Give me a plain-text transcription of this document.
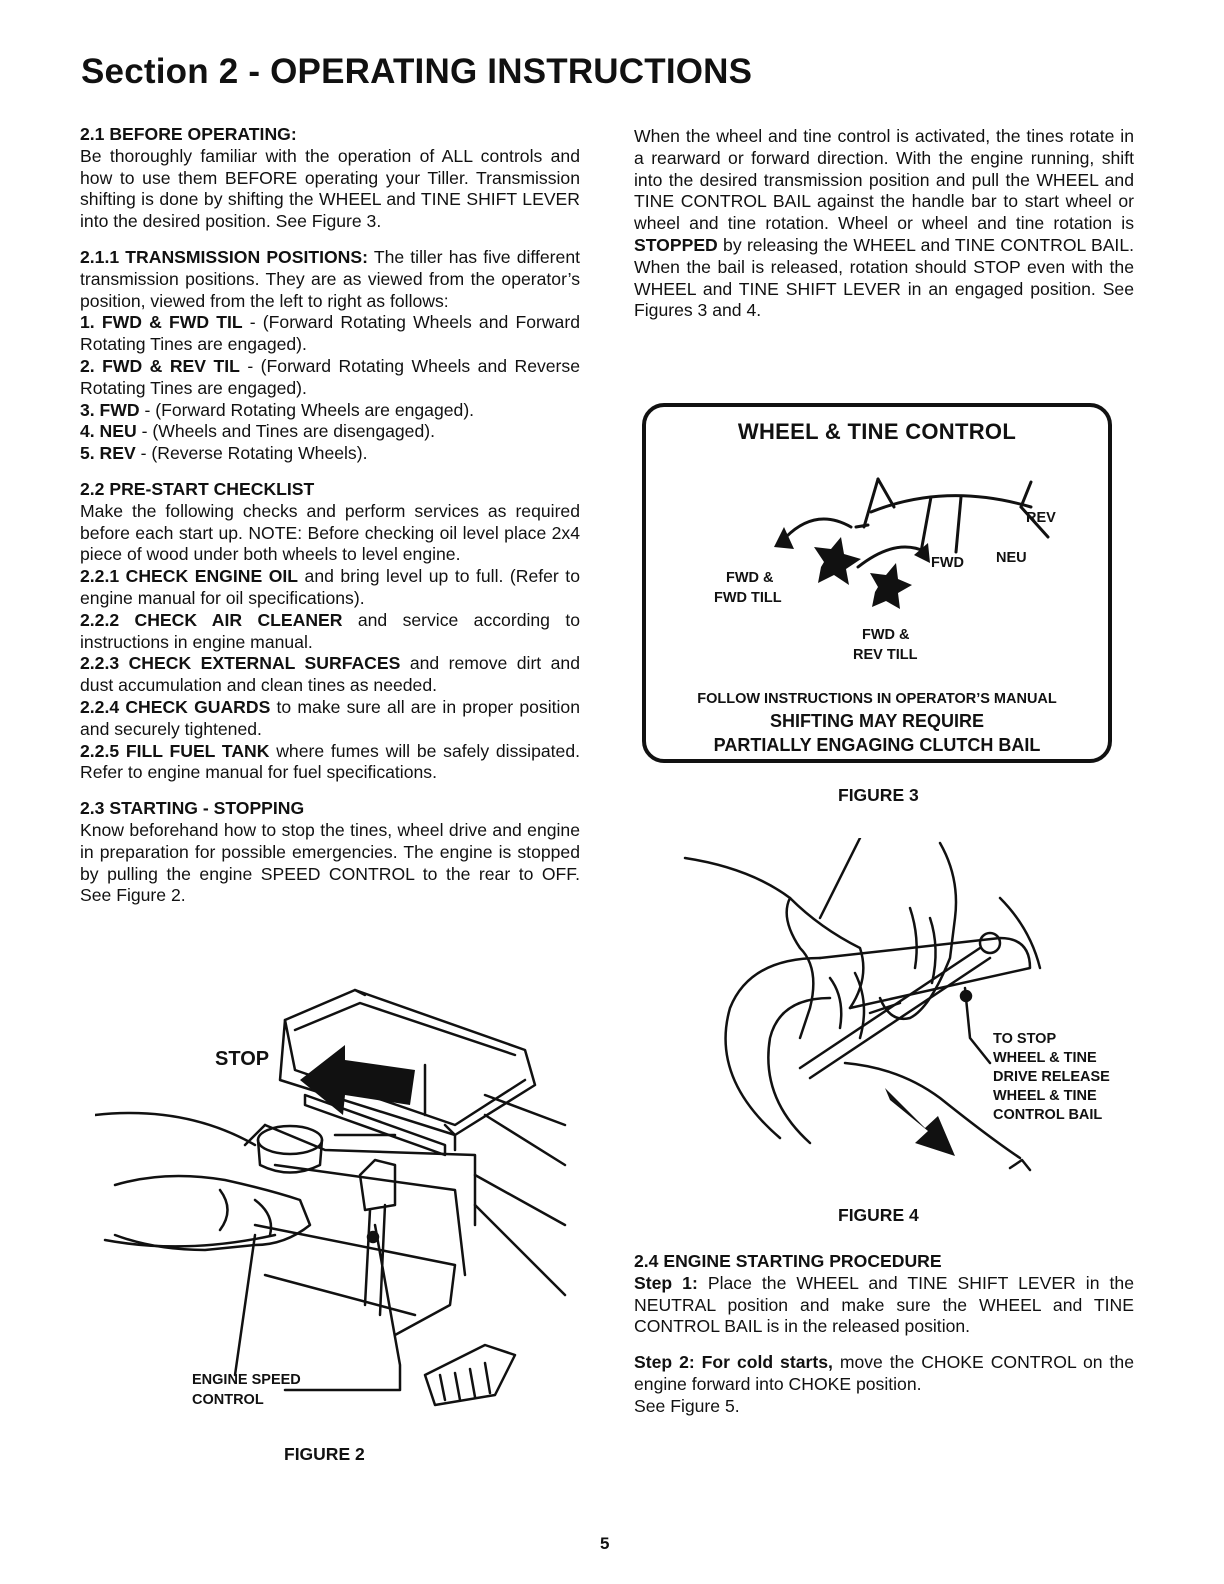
Section 2 - OPERATING INSTRUCTIONS

2.1 BEFORE OPERATING:

Be thoroughly familiar with the operation of ALL controls and how to use them BEFORE operating your Tiller. Transmission shifting is done by shifting the WHEEL and TINE SHIFT LEVER into the desired position. See Figure 3.

2.1.1 TRANSMISSION POSITIONS: The tiller has five different transmission positions. They are as viewed from the operator’s position, viewed from the left to right as follows:

1. FWD & FWD TIL - (Forward Rotating Wheels and Forward Rotating Tines are engaged).

2. FWD & REV TIL - (Forward Rotating Wheels and Reverse Rotating Tines are engaged).

3. FWD - (Forward Rotating Wheels are engaged).

4. NEU - (Wheels and Tines are disengaged).

5. REV - (Reverse Rotating Wheels).

2.2 PRE-START CHECKLIST

Make the following checks and perform services as required before each start up. NOTE: Before checking oil level place 2x4 piece of wood under both wheels to level engine.

2.2.1 CHECK ENGINE OIL and bring level up to full. (Refer to engine manual for oil specifications).

2.2.2 CHECK AIR CLEANER and service according to instructions in engine manual.

2.2.3 CHECK EXTERNAL SURFACES and remove dirt and dust accumulation and clean tines as needed.

2.2.4 CHECK GUARDS to make sure all are in proper position and securely tightened.

2.2.5 FILL FUEL TANK where fumes will be safely dissipated. Refer to engine manual for fuel specifications.

2.3 STARTING - STOPPING

Know beforehand how to stop the tines, wheel drive and engine in preparation for possible emergencies. The engine is stopped by pulling the engine SPEED CONTROL to the rear to OFF. See Figure 2.

When the wheel and tine control is activated, the tines rotate in a rearward or forward direction. With the engine running, shift into the desired transmission position and pull the WHEEL and TINE CONTROL BAIL against the handle bar to start wheel or wheel and tine rotation. Wheel or wheel and tine rotation is STOPPED by releasing the WHEEL and TINE CONTROL BAIL. When the bail is released, rotation should STOP even with the WHEEL and TINE SHIFT LEVER in an engaged position. See Figures 3 and 4.

STOP
ENGINE SPEED
CONTROL
FIGURE 2
WHEEL & TINE CONTROL
REV
NEU
FWD
FWD &
FWD TILL
FWD &
REV TILL
FOLLOW INSTRUCTIONS IN OPERATOR’S MANUAL
SHIFTING MAY REQUIRE
PARTIALLY ENGAGING CLUTCH BAIL
FIGURE 3
TO STOP
WHEEL & TINE
DRIVE RELEASE
WHEEL & TINE
CONTROL BAIL
FIGURE 4

2.4 ENGINE STARTING PROCEDURE

Step 1: Place the WHEEL and TINE SHIFT LEVER in the NEUTRAL position and make sure the WHEEL and TINE CONTROL BAIL is in the released position.

Step 2: For cold starts, move the CHOKE CONTROL on the engine forward into CHOKE position.

See Figure 5.

5
